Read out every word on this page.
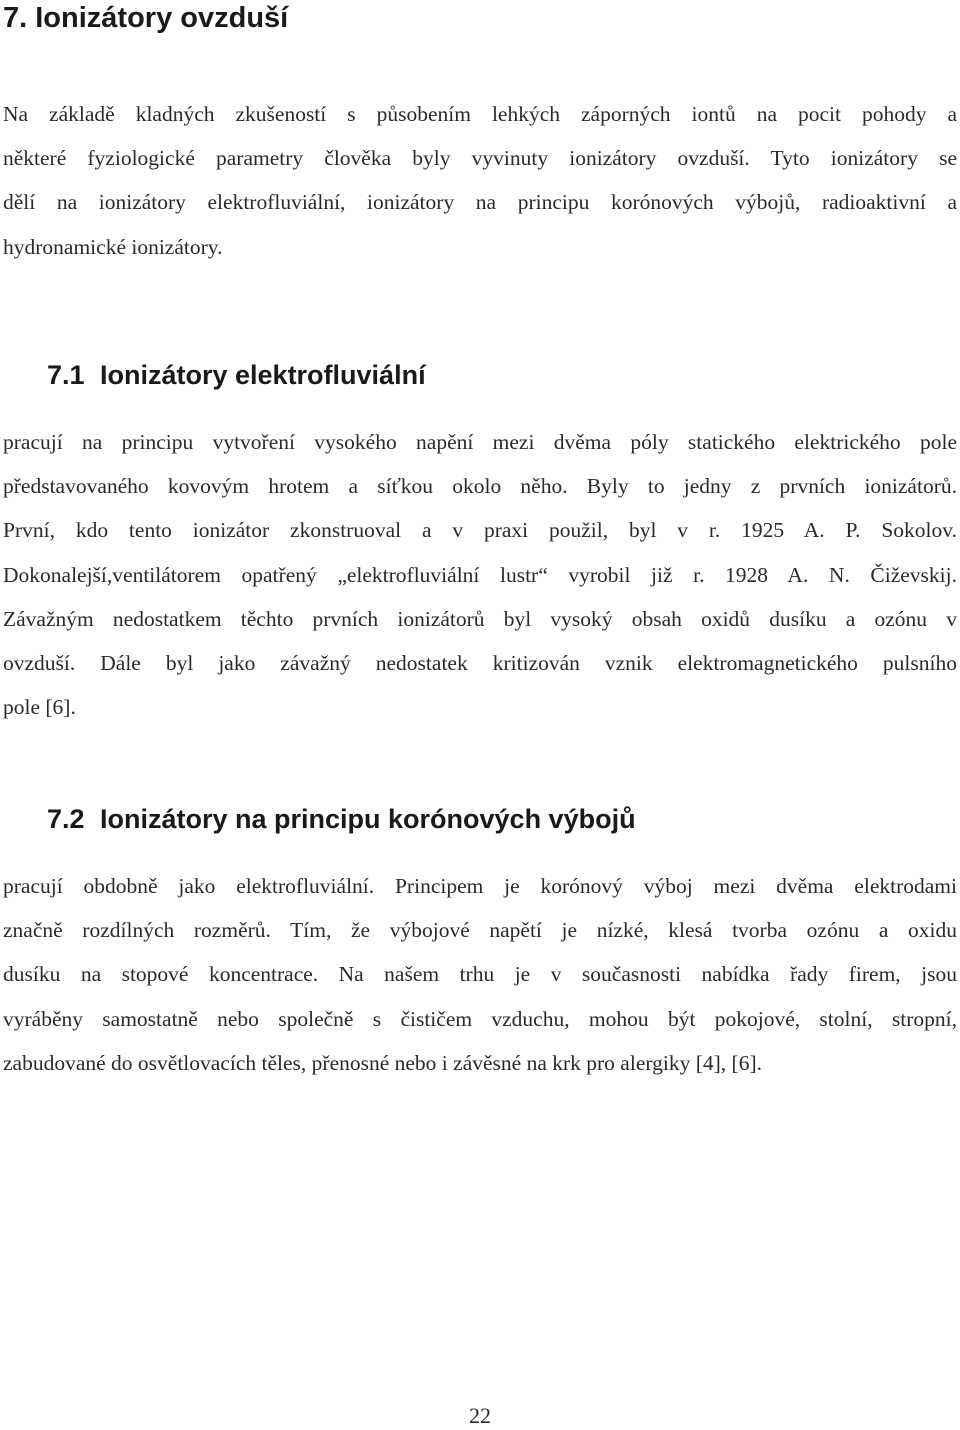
7. Ionizátory ovzduší
Na základě kladných zkušeností s působením lehkých záporných iontů na pocit pohody a
některé fyziologické parametry člověka byly vyvinuty ionizátory ovzduší. Tyto ionizátory se
dělí na ionizátory elektrofluviální, ionizátory na principu korónových výbojů, radioaktivní a
hydronamické ionizátory.
7.1 Ionizátory elektrofluviální
pracují na principu vytvoření vysokého napění mezi dvěma póly statického elektrického pole
představovaného kovovým hrotem a síťkou okolo něho. Byly to jedny z prvních ionizátorů.
První, kdo tento ionizátor zkonstruoval a v praxi použil, byl v r. 1925 A. P. Sokolov.
Dokonalejší,ventilátorem opatřený „elektrofluviální lustr“ vyrobil již r. 1928 A. N. Čiževskij.
Závažným nedostatkem těchto prvních ionizátorů byl vysoký obsah oxidů dusíku a ozónu v
ovzduší. Dále byl jako závažný nedostatek kritizován vznik elektromagnetického pulsního
pole [6].
7.2 Ionizátory na principu korónových výbojů
pracují obdobně jako elektrofluviální. Principem je korónový výboj mezi dvěma elektrodami
značně rozdílných rozměrů. Tím, že výbojové napětí je nízké, klesá tvorba ozónu a oxidu
dusíku na stopové koncentrace. Na našem trhu je v současnosti nabídka řady firem, jsou
vyráběny samostatně nebo společně s čističem vzduchu, mohou být pokojové, stolní, stropní,
zabudované do osvětlovacích těles, přenosné nebo i závěsné na krk pro alergiky [4], [6].
22
